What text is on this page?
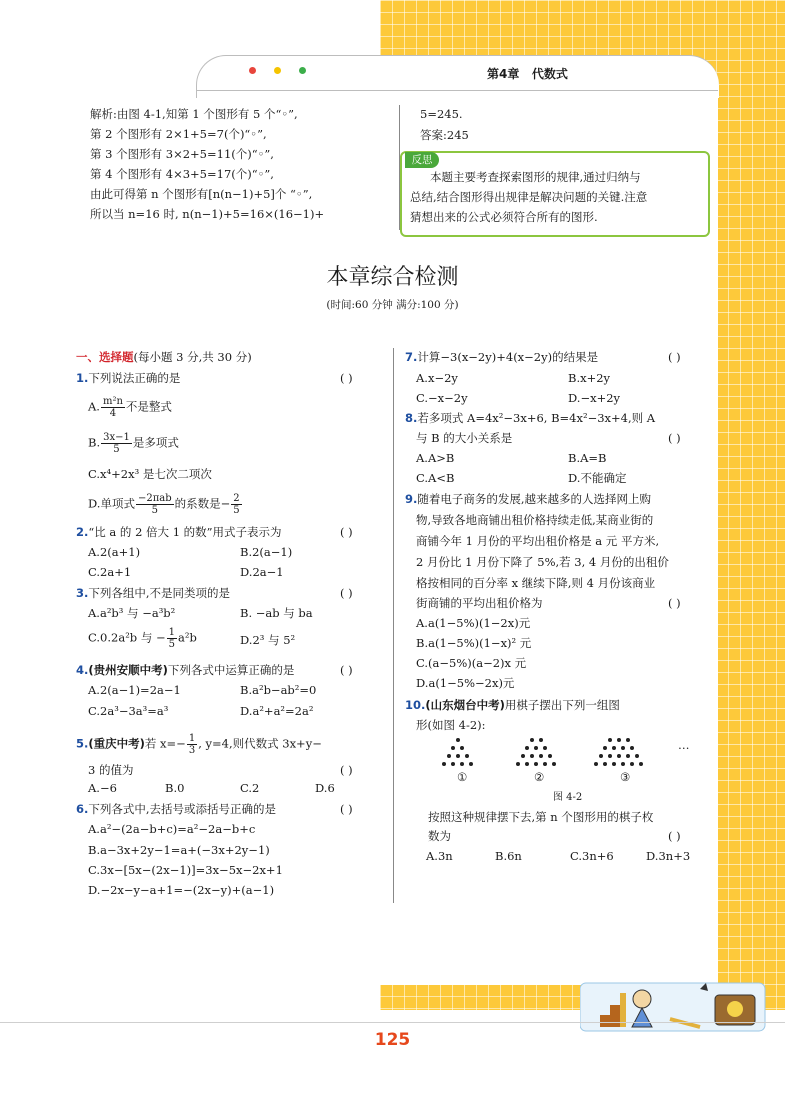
第4章   代数式
解析:由图 4-1,知第 1 个图形有 5 个“◦”,
第 2 个图形有 2×1+5=7(个)“◦”,
第 3 个图形有 3×2+5=11(个)“◦”,
第 4 个图形有 4×3+5=17(个)“◦”,
由此可得第 n 个图形有[n(n−1)+5]个 “◦”,
所以当 n=16 时, n(n−1)+5=16×(16−1)+
5=245.
答案:245
反思
本题主要考查探索图形的规律,通过归纳与
总结,结合图形得出规律是解决问题的关键.注意
猜想出来的公式必须符合所有的图形.
本章综合检测
(时间:60 分钟 满分:100 分)
一、选择题(每小题 3 分,共 30 分)
1.下列说法正确的是	( )
A. $\frac{\text{m²n}}{4}$ 不是整式
B. $\frac{3x-1}{5}$ 是多项式
C.x⁴+2x³ 是七次二项次
D.单项式 $\frac{\text{−2πab}}{5}$ 的系数是− $\frac{2}{5}$
2.“比 a 的 2 倍大 1 的数”用式子表示为	( )
A.2(a+1)	B.2(a−1)
C.2a+1	D.2a−1
3.下列各组中,不是同类项的是	( )
A.a²b³ 与 −a³b²	B. −ab 与 ba
C.0.2a²b 与 − $\frac{1}{5} a^2b$	D.2³ 与 5²
4.(贵州安顺中考)下列各式中运算正确的是	( )
A.2(a−1)=2a−1	B.a²b−ab²=0
C.2a³−3a³=a³	D.a²+a²=2a²
5.(重庆中考)若 $x=- \frac{1}{3}$ , y=4,则代数式 3x+y−
3 的值为	( )
A.−6	B.0	C.2	D.6
6.下列各式中,去括号或添括号正确的是	( )
A.a²−(2a−b+c)=a²−2a−b+c
B.a−3x+2y−1=a+(−3x+2y−1)
C.3x−[5x−(2x−1)]=3x−5x−2x+1
D.−2x−y−a+1=−(2x−y)+(a−1)
7.计算−3(x−2y)+4(x−2y)的结果是	( )
A.x−2y	B.x+2y
C.−x−2y	D.−x+2y
8.若多项式 A=4x²−3x+6, B=4x²−3x+4,则 A
与 B 的大小关系是	( )
A.A>B	B.A=B
C.A<B	D.不能确定
9.随着电子商务的发展,越来越多的人选择网上购
物,导致各地商铺出租价格持续走低,某商业街的
商铺今年 1 月份的平均出租价格是 a 元 平方米,
2 月份比 1 月份下降了 5%,若 3, 4 月份的出租价
格按相同的百分率 x 继续下降,则 4 月份该商业
街商铺的平均出租价格为	( )
A.a(1−5%)(1−2x)元
B.a(1−5%)(1−x)² 元
C.(a−5%)(a−2)x 元
D.a(1−5%−2x)元
10.(山东烟台中考)用棋子摆出下列一组图
形(如图 4-2):
…
①	②	③
图 4-2
按照这种规律摆下去,第 n 个图形用的棋子枚
数为	( )
A.3n	B.6n	C.3n+6	D.3n+3
125
